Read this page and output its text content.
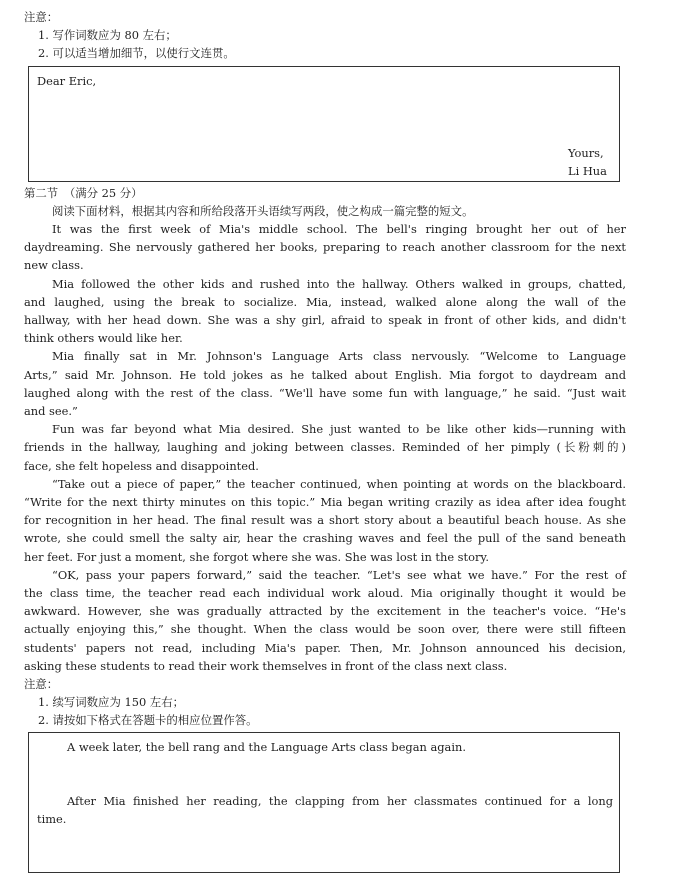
注意：
1. 写作词数应为 80 左右；
2. 可以适当增加细节，以使行文连贯。
Dear Eric,
Yours,
Li Hua
第二节　（满分 25 分）
阅读下面材料，根据其内容和所给段落开头语续写两段，使之构成一篇完整的短文。
It was the first week of Mia's middle school. The bell's ringing brought her out of her
daydreaming. She nervously gathered her books, preparing to reach another classroom for the next
new class.
Mia followed the other kids and rushed into the hallway. Others walked in groups, chatted,
and laughed, using the break to socialize. Mia, instead, walked alone along the wall of the
hallway, with her head down. She was a shy girl, afraid to speak in front of other kids, and didn't
think others would like her.
Mia finally sat in Mr. Johnson's Language Arts class nervously. “Welcome to Language
Arts,” said Mr. Johnson. He told jokes as he talked about English. Mia forgot to daydream and
laughed along with the rest of the class. “We'll have some fun with language,” he said. “Just wait
and see.”
Fun was far beyond what Mia desired. She just wanted to be like other kids—running with
friends in the hallway, laughing and joking between classes. Reminded of her pimply (长粉刺的)
face, she felt hopeless and disappointed.
“Take out a piece of paper,” the teacher continued, when pointing at words on the blackboard.
“Write for the next thirty minutes on this topic.” Mia began writing crazily as idea after idea fought
for recognition in her head. The final result was a short story about a beautiful beach house. As she
wrote, she could smell the salty air, hear the crashing waves and feel the pull of the sand beneath
her feet. For just a moment, she forgot where she was. She was lost in the story.
“OK, pass your papers forward,” said the teacher. “Let's see what we have.” For the rest of
the class time, the teacher read each individual work aloud. Mia originally thought it would be
awkward. However, she was gradually attracted by the excitement in the teacher's voice. “He's
actually enjoying this,” she thought. When the class would be soon over, there were still fifteen
students' papers not read, including Mia's paper. Then, Mr. Johnson announced his decision,
asking these students to read their work themselves in front of the class next class.
注意：
1. 续写词数应为 150 左右；
2. 请按如下格式在答题卡的相应位置作答。
A week later, the bell rang and the Language Arts class began again.
After Mia finished her reading, the clapping from her classmates continued for a long
time.
